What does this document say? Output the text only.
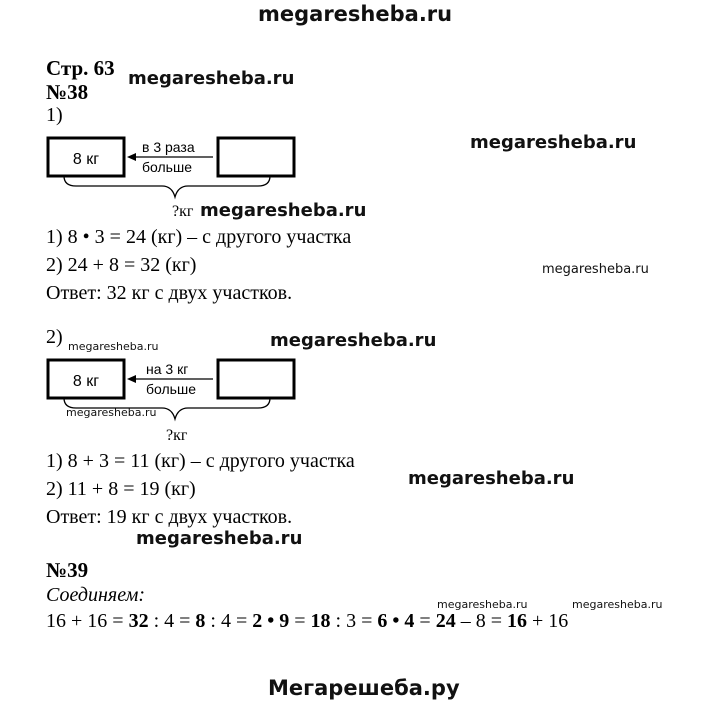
megaresheba.ru
megaresheba.ru
megaresheba.ru
megaresheba.ru
megaresheba.ru
megaresheba.ru	megaresheba.ru
megaresheba.ru
megaresheba.ru
megaresheba.ru
megaresheba.ru	megaresheba.ru
Мегарешеба.ру
Стр. 63
№38
1)
8 кг
в 3 раза
больше
?кг
8 кг
на 3 кг
больше
?кг
1) 8 • 3 = 24 (кг) – с другого участка
2) 24 + 8 = 32 (кг)
Ответ: 32 кг с двух участков.
2)
1) 8 + 3 = 11 (кг) – с другого участка
2) 11 + 8 = 19 (кг)
Ответ: 19 кг с двух участков.
№39
Соединяем:
16 + 16 = 32 : 4 = 8 : 4 = 2 • 9 = 18 : 3 = 6 • 4 = 24 – 8 = 16 + 16
